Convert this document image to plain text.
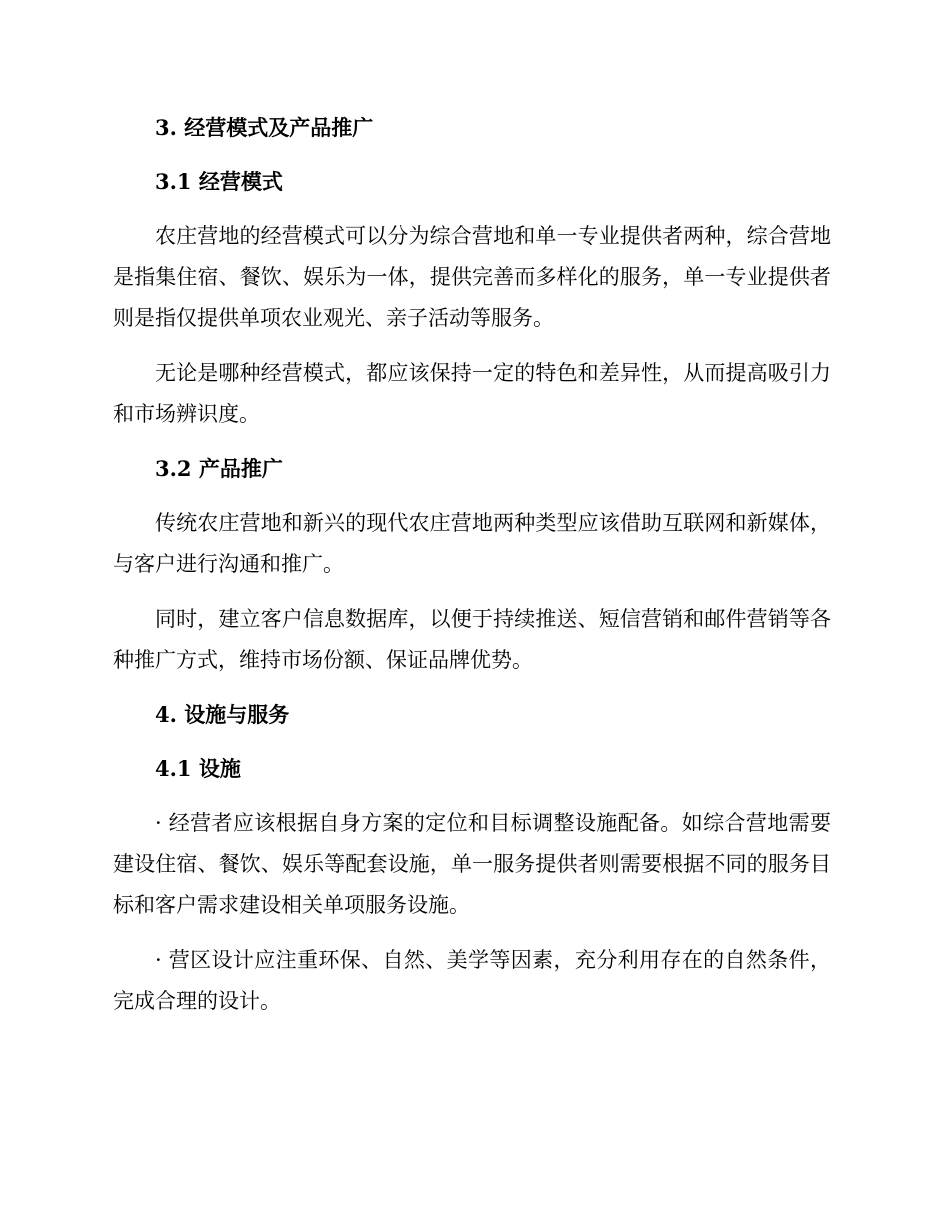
3. 经营模式及产品推广

3.1 经营模式

农庄营地的经营模式可以分为综合营地和单一专业提供者两种，综合营地是指集住宿、餐饮、娱乐为一体，提供完善而多样化的服务，单一专业提供者则是指仅提供单项农业观光、亲子活动等服务。

无论是哪种经营模式，都应该保持一定的特色和差异性，从而提高吸引力和市场辨识度。

3.2 产品推广

传统农庄营地和新兴的现代农庄营地两种类型应该借助互联网和新媒体，与客户进行沟通和推广。

同时，建立客户信息数据库，以便于持续推送、短信营销和邮件营销等各种推广方式，维持市场份额、保证品牌优势。

4. 设施与服务

4.1 设施

· 经营者应该根据自身方案的定位和目标调整设施配备。如综合营地需要建设住宿、餐饮、娱乐等配套设施，单一服务提供者则需要根据不同的服务目标和客户需求建设相关单项服务设施。

· 营区设计应注重环保、自然、美学等因素，充分利用存在的自然条件，完成合理的设计。
